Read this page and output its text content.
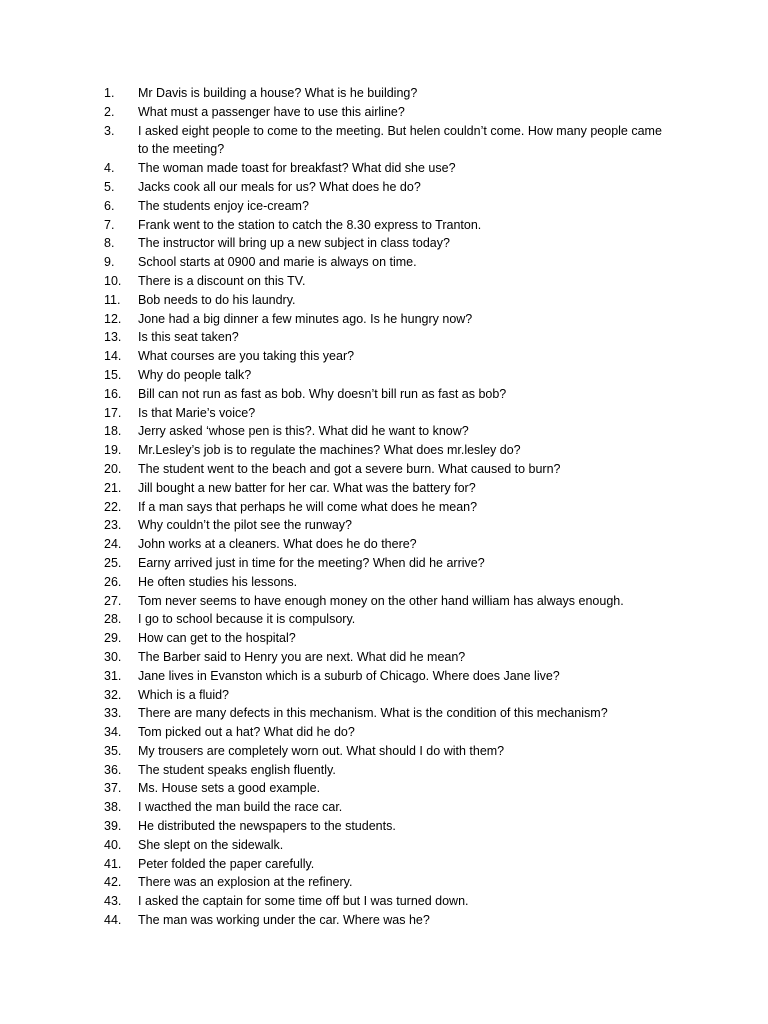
1.	Mr Davis is building a house? What is he building?
2.	What must a passenger have to use this airline?
3.	I asked eight people to come to the meeting. But helen couldn’t come. How many people came to the meeting?
4.	The woman made toast for breakfast? What did she use?
5.	Jacks cook all our meals for us? What does he do?
6.	The students enjoy ice-cream?
7.	Frank went to the station to catch the 8.30 express to Tranton.
8.	The instructor will bring up a new subject in class today?
9.	School starts at 0900 and marie is always on time.
10.	There is a discount on this TV.
11.	Bob needs to do his laundry.
12.	Jone had a big dinner a few minutes ago. Is he hungry now?
13.	Is this seat taken?
14.	What courses are you taking this year?
15.	Why do people talk?
16.	Bill can not run as fast as bob. Why doesn’t bill run as fast as bob?
17.	Is that Marie’s voice?
18.	Jerry asked ‘whose pen is this?. What did he want to know?
19.	Mr.Lesley’s job is to regulate the machines? What does mr.lesley do?
20.	The student went to the beach and got a severe burn. What caused to burn?
21.	Jill bought a new batter for her car. What was the battery for?
22.	If a man says that perhaps he will come what does he mean?
23.	Why couldn’t the pilot see the runway?
24.	John works at a cleaners. What does he do there?
25.	Earny arrived just in time for the meeting? When did he arrive?
26.	He often studies his lessons.
27.	Tom never seems to have enough money on the other hand william has always enough.
28.	I go to school because it is compulsory.
29.	How can get to the hospital?
30.	The Barber said to Henry you are next. What did he mean?
31.	Jane lives in Evanston which is a suburb of Chicago. Where does Jane live?
32.	Which is a fluid?
33.	There are many defects in this mechanism. What is the condition of this mechanism?
34.	Tom picked out a hat? What did he do?
35.	My trousers are completely worn out. What should I do with them?
36.	The student speaks english fluently.
37.	Ms. House sets a good example.
38.	I wacthed the man build the race car.
39.	He distributed the newspapers to the students.
40.	She slept on the sidewalk.
41.	Peter folded the paper carefully.
42.	There was an explosion at the refinery.
43.	I asked the captain for some time off but I was turned down.
44.	The man was working under the car. Where was he?
